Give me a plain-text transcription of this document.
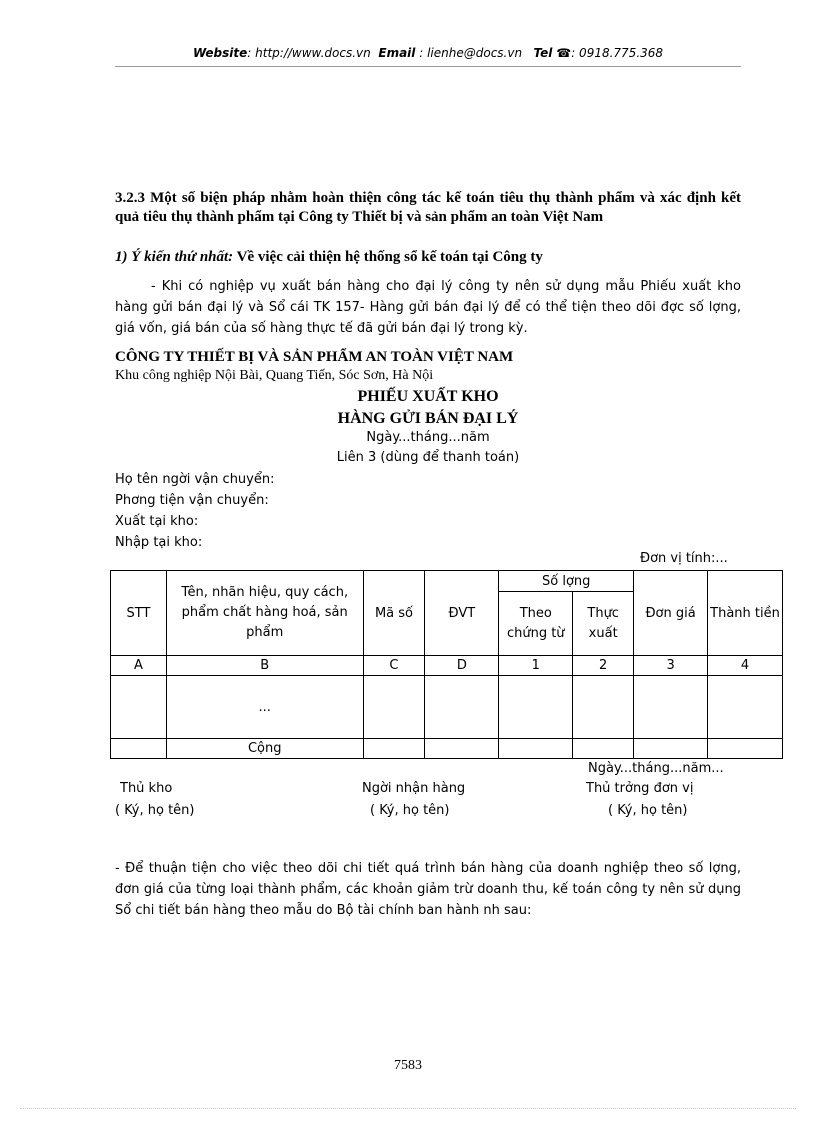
Website: http://www.docs.vn Email : lienhe@docs.vn Tel ☎: 0918.775.368
3.2.3 Một số biện pháp nhằm hoàn thiện công tác kế toán tiêu thụ thành phẩm và xác định kết quả tiêu thụ thành phẩm tại Công ty Thiết bị và sản phẩm an toàn Việt Nam
1) Ý kiến thứ nhất: Về việc cải thiện hệ thống sổ kế toán tại Công ty
- Khi có nghiệp vụ xuất bán hàng cho đại lý công ty nên sử dụng mẫu Phiếu xuất kho hàng gửi bán đại lý và Sổ cái TK 157- Hàng gửi bán đại lý để có thể tiện theo dõi đợc số lợng, giá vốn, giá bán của số hàng thực tế đã gửi bán đại lý trong kỳ.
CÔNG TY THIẾT BỊ VÀ SẢN PHẨM AN TOÀN VIỆT NAM
Khu công nghiệp Nội Bài, Quang Tiến, Sóc Sơn, Hà Nội
PHIẾU XUẤT KHO
HÀNG GỬI BÁN ĐẠI LÝ
Ngày...tháng...năm
Liên 3 (dùng để thanh toán)
Họ tên ngời vận chuyển:
Phơng tiện vận chuyển:
Xuất tại kho:
Nhập tại kho:
Đơn vị tính:...
STT	Tên, nhãn hiệu, quy cách, phẩm chất hàng hoá, sản phẩm	Mã số	ĐVT	Số lợng		Đơn giá	Thành tiền
				Theo chứng từ	Thực xuất		
A	B	C	D	1	2	3	4
	...						
	Cộng						
Ngày...tháng...năm...
Thủ kho
( Ký, họ tên)
Ngời nhận hàng
( Ký, họ tên)
Thủ trởng đơn vị
( Ký, họ tên)
- Để thuận tiện cho việc theo dõi chi tiết quá trình bán hàng của doanh nghiệp theo số lợng, đơn giá của từng loại thành phẩm, các khoản giảm trừ doanh thu, kế toán công ty nên sử dụng Sổ chi tiết bán hàng theo mẫu do Bộ tài chính ban hành nh sau:
7583
